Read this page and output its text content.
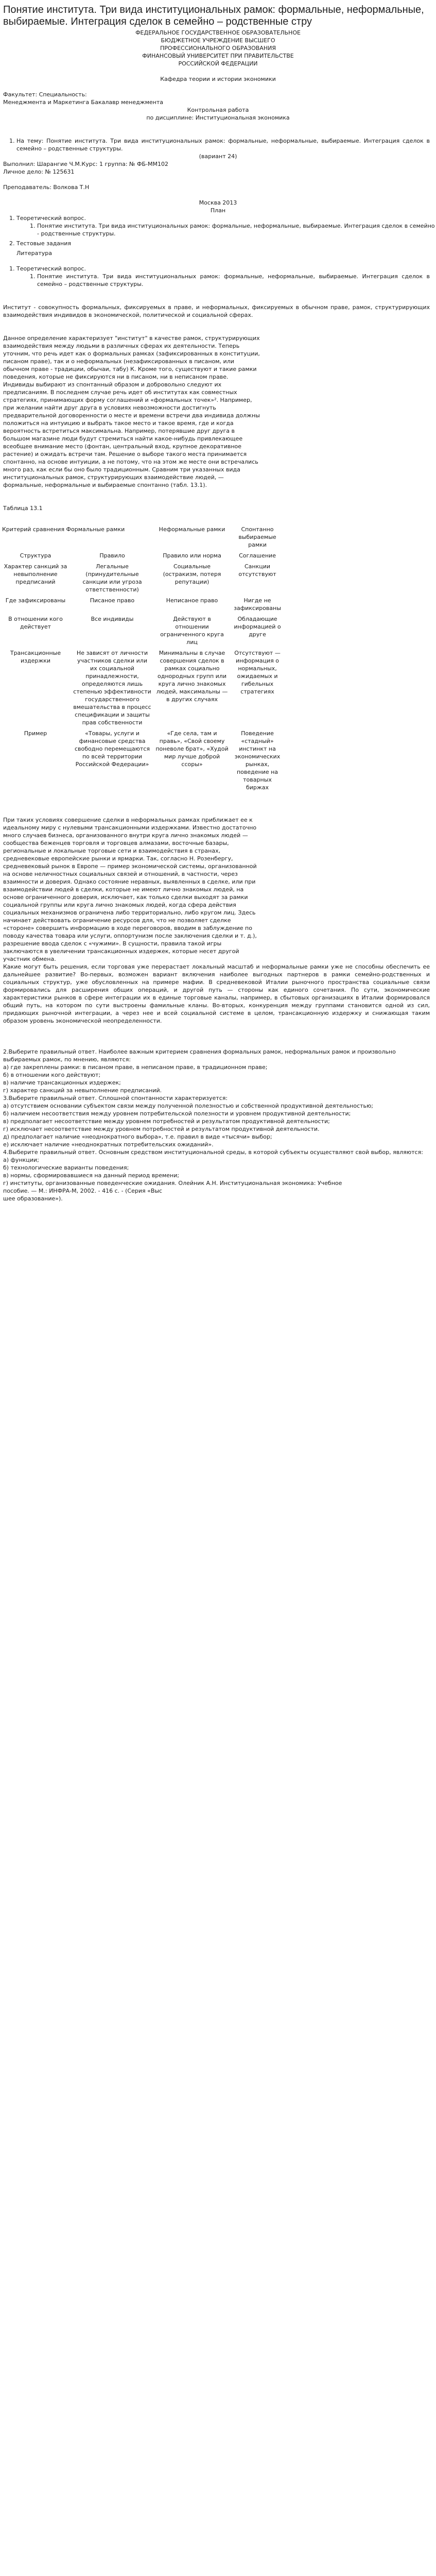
Понятие института. Три вида институциональных рамок: формальные, неформальные, выбираемые. Интеграция сделок в семейно – родственные стру
ФЕДЕРАЛЬНОЕ ГОСУДАРСТВЕННОЕ ОБРАЗОВАТЕЛЬНОЕ
БЮДЖЕТНОЕ УЧРЕЖДЕНИЕ ВЫСШЕГО
ПРОФЕССИОНАЛЬНОГО ОБРАЗОВАНИЯ
ФИНАНСОВЫЙ УНИВЕРСИТЕТ ПРИ ПРАВИТЕЛЬСТВЕ
РОССИЙСКОЙ ФЕДЕРАЦИИ
Кафедра теории и истории экономики
Факультет: Специальность:
Менеджмента и Маркетинга Бакалавр менеджмента
Контрольная работа
по дисциплине: Институциональная экономика
1. На тему: Понятие института. Три вида институциональных рамок: формальные, неформальные, выбираемые. Интеграция сделок в семейно – родственные структуры.
(вариант 24)
Выполнил: Шарангие Ч.М.Курс: 1 группа: № ФБ-ММ102
Личное дело: № 125631
Преподаватель: Волкова Т.Н
Москва 2013
План
1. Теоретический вопрос.
1. Понятие института. Три вида институциональных рамок: формальные, неформальные, выбираемые. Интеграция сделок в семейно - родственные структуры.
2. Тестовые задания
Литература
1. Теоретический вопрос.
1. Понятие института. Три вида институциональных рамок: формальные, неформальные, выбираемые. Интеграция сделок в семейно – родственные структуры.

Институт - совокупность формальных, фиксируемых в праве, и неформальных, фиксируемых в обычном праве, рамок, структурирующих взаимодействия индивидов в экономической, политической и социальной сферах.

Данное определение характеризует "институт" в качестве рамок, структурирующих взаимодействия между людьми в различных сферах их деятельности. Теперь уточним, что речь идет как о формальных рамках (зафиксированных в конституции, писаном праве), так и о неформальных (незафиксированных в писаном, или обычном праве - традиции, обычаи, табу) К. Кроме того, существуют и такие рамки поведения, которые не фиксируются ни в писаном, ни в неписаном праве. Индивиды выбирают из спонтанный образом и добровольно следуют их предписаниям. В последнем случае речь идет об институтах как совместных стратегиях, принимающих форму соглашений и «формальных точек»². Например, при желании найти друг друга в условиях невозможности достигнуть предварительной договоренности о месте и времени встречи два индивида должны положиться на интуицию и выбрать такое место и такое время, где и когда вероятность встретиться максимальна. Например, потерявшие друг друга в большом магазине люди будут стремиться найти какое-нибудь привлекающее всеобщее внимание место (фонтан, центральный вход, крупное декоративное растение) и ожидать встречи там. Решение о выборе такого места принимается спонтанно, на основе интуиции, а не потому, что на этом же месте они встречались много раз, как если бы оно было традиционным. Сравним три указанных вида институциональных рамок, структурирующих взаимодействие людей, — формальные, неформальные и выбираемые спонтанно (табл. 13.1).

Таблица 13.1
Критерий сравнения Формальные рамки		Неформальные рамки	Спонтанно выбираемые рамки	
Структура	Правило	Правило или норма	Соглашение	
Характер санкций за невыполнение предписаний	Легальные (принудительные санкции или угроза ответственности)	Социальные (остракизм, потеря репутации)	Санкции отсутствуют	
Где зафиксированы	Писаное право	Неписаное право	Нигде не зафиксированы	
В отношении кого действует	Все индивиды	Действуют в отношении ограниченного круга лиц	Обладающие информацией о друге	
Трансакционные издержки	Не зависят от личности участников сделки или их социальной принадлежности, определяются лишь степенью эффективности государственного вмешательства в процесс спецификации и защиты прав собственности	Минимальны в случае совершения сделок в рамках социально однородных групп или круга лично знакомых людей, максимальны — в других случаях	Отсутствуют — информация о нормальных, ожидаемых и гибельных стратегиях	
Пример	«Товары, услуги и финансовые средства свободно перемещаются по всей территории Российской Федерации»	«Где села, там и правь», «Свой своему поневоле брат», «Худой мир лучше доброй ссоры»	Поведение «стадный» инстинкт на экономических рынках, поведение на товарных биржах	

При таких условиях совершение сделки в неформальных рамках приближает ее к идеальному миру с нулевыми трансакционными издержками. Известно достаточно много случаев бизнеса, организованного внутри круга лично знакомых людей — сообщества беженцев торговля и торговцев алмазами, восточные базары, региональные и локальные торговые сети и взаимодействия в странах, средневековые европейские рынки и ярмарки. Так, согласно Н. Розенбергу, средневековый рынок в Европе — пример экономической системы, организованной на основе неличностных социальных связей и отношений, в частности, через взаимности и доверия. Однако состояние неравных, выявленных в сделке, или при взаимодействии людей в сделки, которые не имеют лично знакомых людей, на основе ограниченного доверия, исключает, как только сделки выходят за рамки социальной группы или круга лично знакомых людей, когда сфера действия социальных механизмов ограничена либо территориально, либо кругом лиц. Здесь начинает действовать ограничение ресурсов для, что не позволяет сделке «стороне» совершить информацию в ходе переговоров, вводим в заблуждение по поводу качества товара или услуги, оппортунизм после заключения сделки и т. д.), разрешение ввода сделок с «чужими». В сущности, правила такой игры заключаются в увеличении трансакционных издержек, которые несет другой участник обмена.

Какие могут быть решения, если торговая уже перерастает локальный масштаб и неформальные рамки уже не способны обеспечить ее дальнейшее развитие? Во-первых, возможен вариант включения наиболее выгодных партнеров в рамки семейно-родственных и социальных структур, уже обусловленных на примере мафии. В средневековой Италии рыночного пространства социальные связи формировались для расширения общих операций, и другой путь — стороны как единого сочетания. По сути, экономические характеристики рынков в сфере интеграции их в единые торговые каналы, например, в сбытовых организациях в Италии формировался общий путь, на котором по сути выстроены фамильные кланы. Во-вторых, конкуренция между группами становится одной из сил, придающих рыночной интеграции, а через нее и всей социальной системе в целом, трансакционную издержку и снижающая таким образом уровень экономической неопределенности.

2.Выберите правильный ответ. Наиболее важным критерием сравнения формальных рамок, неформальных рамок и произвольно выбираемых рамок, по мнению, являются:
а) где закреплены рамки: в писаном праве, в неписаном праве, в традиционном праве;
б) в отношении кого действуют;
в) наличие трансакционных издержек;
г) характер санкций за невыполнение предписаний.
3.Выберите правильный ответ. Сплошной спонтанности характеризуется:
а) отсутствием основании субъектом связи между полученной полезностью и собственной продуктивной деятельностью;
б) наличием несоответствия между уровнем потребительской полезности и уровнем продуктивной деятельности;
в) предполагает несоответствие между уровнем потребностей и результатом продуктивной деятельности;
г) исключает несоответствие между уровнем потребностей и результатом продуктивной деятельности.
д) предполагает наличие «неоднократного выбора», т.е. правил в виде «тысячи» выбор;
е) исключает наличие «неоднократных потребительских ожиданий».
4.Выберите правильный ответ. Основным средством институциональной среды, в которой субъекты осуществляют свой выбор, являются:
а) функции;
б) технологические варианты поведения;
в) нормы, сформировавшиеся на данный период времени;
г) институты, организованные поведенческие ожидания. Олейник А.Н. Институциональная экономика: Учебное
пособие. — М.: ИНФРА-М, 2002. - 416 с. - (Серия «Выс
шее образование»).
